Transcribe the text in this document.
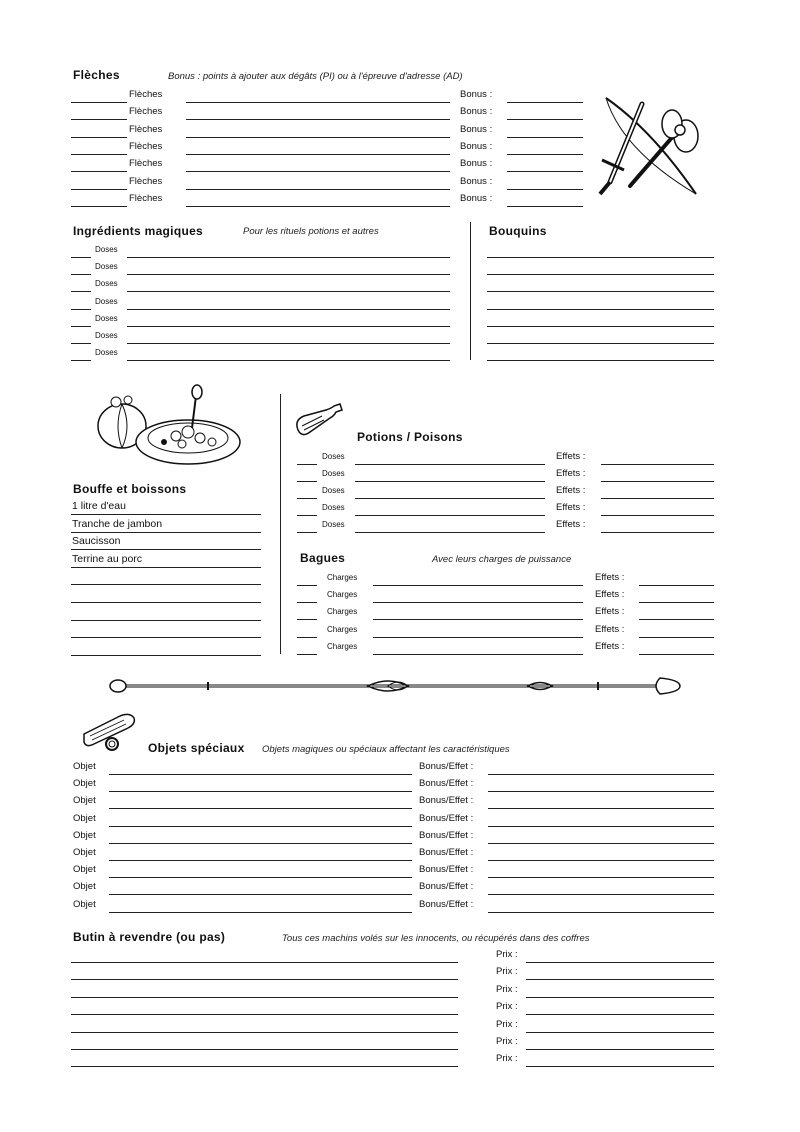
Flèches	Bonus : points à ajouter aux dégâts (PI) ou à l'épreuve d'adresse (AD)
Ingrédients magiques	Pour les rituels potions et autres	Bouquins
Bouffe et boissons
Potions / Poisons
Bagues	Avec leurs charges de puissance
Objets spéciaux Objets magiques ou spéciaux affectant les caractéristiques
Butin à revendre (ou pas)	Tous ces machins volés sur les innocents, ou récupérés dans des coffres
Flèches	Bonus :
Flèches	Bonus :
Flèches	Bonus :
Flèches	Bonus :
Flèches	Bonus :
Flèches	Bonus :
Flèches	Bonus :
Doses
Doses
Doses
Doses
Doses
Doses
Doses
1 litre d'eau
Tranche de jambon
Saucisson
Terrine au porc
Doses	Effets :
Doses	Effets :
Doses	Effets :
Doses	Effets :
Doses	Effets :
Charges	Effets :
Charges	Effets :
Charges	Effets :
Charges	Effets :
Charges	Effets :
Objet	Bonus/Effet :
Objet	Bonus/Effet :
Objet	Bonus/Effet :
Objet	Bonus/Effet :
Objet	Bonus/Effet :
Objet	Bonus/Effet :
Objet	Bonus/Effet :
Objet	Bonus/Effet :
Objet	Bonus/Effet :
Prix :
Prix :
Prix :
Prix :
Prix :
Prix :
Prix :
